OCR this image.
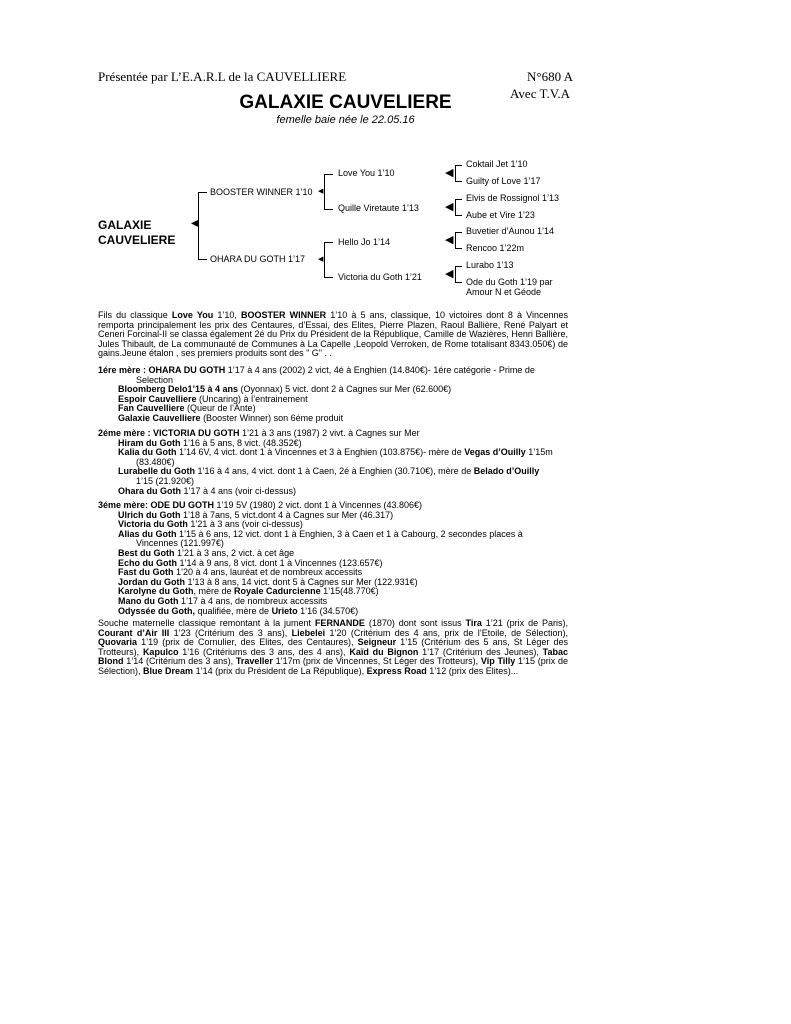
Présentée par L’E.A.R.L de la CAUVELLIERE	N°680 A
Avec T.V.A
GALAXIE CAUVELIERE
femelle baie née le 22.05.16
GALAXIE CAUVELIERE
◀
BOOSTER WINNER 1’10
OHARA DU GOTH 1’17
◀
Love You 1’10
Quille Viretaute 1’13
◀
Hello Jo 1’14
Victoria du Goth 1’21
◀
Coktail Jet 1’10
Guilty of Love 1’17
◀
Elvis de Rossignol 1’13
Aube et Vire 1’23
◀
Buvetier d’Aunou 1’14
Rencoo 1’22m
◀
Lurabo 1’13
Ode du Goth 1’19 par
Amour N et Géode
Fils du classique Love You 1’10, BOOSTER WINNER 1’10 à 5 ans, classique, 10 victoires dont 8 à Vincennes remporta principalement les prix des Centaures, d’Essai, des Elites, Pierre Plazen, Raoul Ballière, René Palyart et Ceneri Forcinal-II se classa également 2é du Prix du Président de la République, Camille de Wazières, Henri Ballière, Jules Thibault, de La communauté de Communes à La Capelle ,Leopold Verroken, de Rome totalisant 8343.050€) de gains.Jeune étalon , ses premiers produits sont des " G" . .

1ére mère : OHARA DU GOTH 1’17 à 4 ans (2002) 2 vict, 4é à Enghien (14.840€)- 1ére catégorie - Prime de

Selection

Bloomberg Delo1’15 à 4 ans (Oyonnax) 5 vict. dont 2 à Cagnes sur Mer (62.600€)

Espoir Cauvelliere (Uncaring) à l’entrainement

Fan Cauvelliere (Queur de l’Ante)

Galaxie Cauvelliere (Booster Winner) son 6éme produit

2éme mère : VICTORIA DU GOTH 1’21 à 3 ans (1987) 2 vivt. à Cagnes sur Mer

Hiram du Goth 1’16 à 5 ans, 8 vict. (48.352€)

Kalia du Goth 1’14 6V, 4 vict. dont 1 à Vincennes et 3 à Enghien (103.875€)- mère de Vegas d’Ouilly 1’15m

(83.480€)

Lurabelle du Goth 1’16 à 4 ans, 4 vict. dont 1 à Caen, 2é à Enghien (30.710€), mère de Belado d’Ouilly

1’15 (21.920€)

Ohara du Goth 1’17 à 4 ans (voir ci-dessus)

3éme mère: ODE DU GOTH 1’19 5V (1980) 2 vict. dont 1 à Vincennes (43.806€)

Ulrich du Goth 1’18 à 7ans, 5 vict.dont 4 à Cagnes sur Mer (46.317)

Victoria du Goth 1’21 à 3 ans (voir ci-dessus)

Alias du Goth 1’15 à 6 ans, 12 vict. dont 1 à Enghien, 3 à Caen et 1 à Cabourg, 2 secondes places à

Vincennes (121.997€)

Best du Goth 1’21 à 3 ans, 2 vict. à cet âge

Echo du Goth 1’14 à 9 ans, 8 vict. dont 1 à Vincennes (123.657€)

Fast du Goth 1’20 à 4 ans, lauréat et de nombreux accessits

Jordan du Goth 1’13 à 8 ans, 14 vict. dont 5 à Cagnes sur Mer (122.931€)

Karolyne du Goth, mère de Royale Cadurcienne 1’15(48.770€)

Mano du Goth 1’17 à 4 ans, de nombreux accessits

Odyssée du Goth, qualifiée, mère de Urieto 1’16 (34.570€)

Souche maternelle classique remontant à la jument FERNANDE (1870) dont sont issus Tira 1’21 (prix de Paris), Courant d’Air III 1’23 (Critérium des 3 ans), Liebelei 1’20 (Critérium des 4 ans, prix de l’Etoile, de Sélection), Quovaria 1’19 (prix de Cornulier, des Elites, des Centaures), Seigneur 1’15 (Critérium des 5 ans, St Léger des Trotteurs), Kapulco 1’16 (Critériums des 3 ans, des 4 ans), Kaïd du Bignon 1’17 (Critérium des Jeunes), Tabac Blond 1’14 (Critérium des 3 ans), Traveller 1’17m (prix de Vincennes, St Léger des Trotteurs), Vip Tilly 1’15 (prix de Sélection), Blue Dream 1’14 (prix du Président de La République), Express Road 1’12 (prix des Elites)...
